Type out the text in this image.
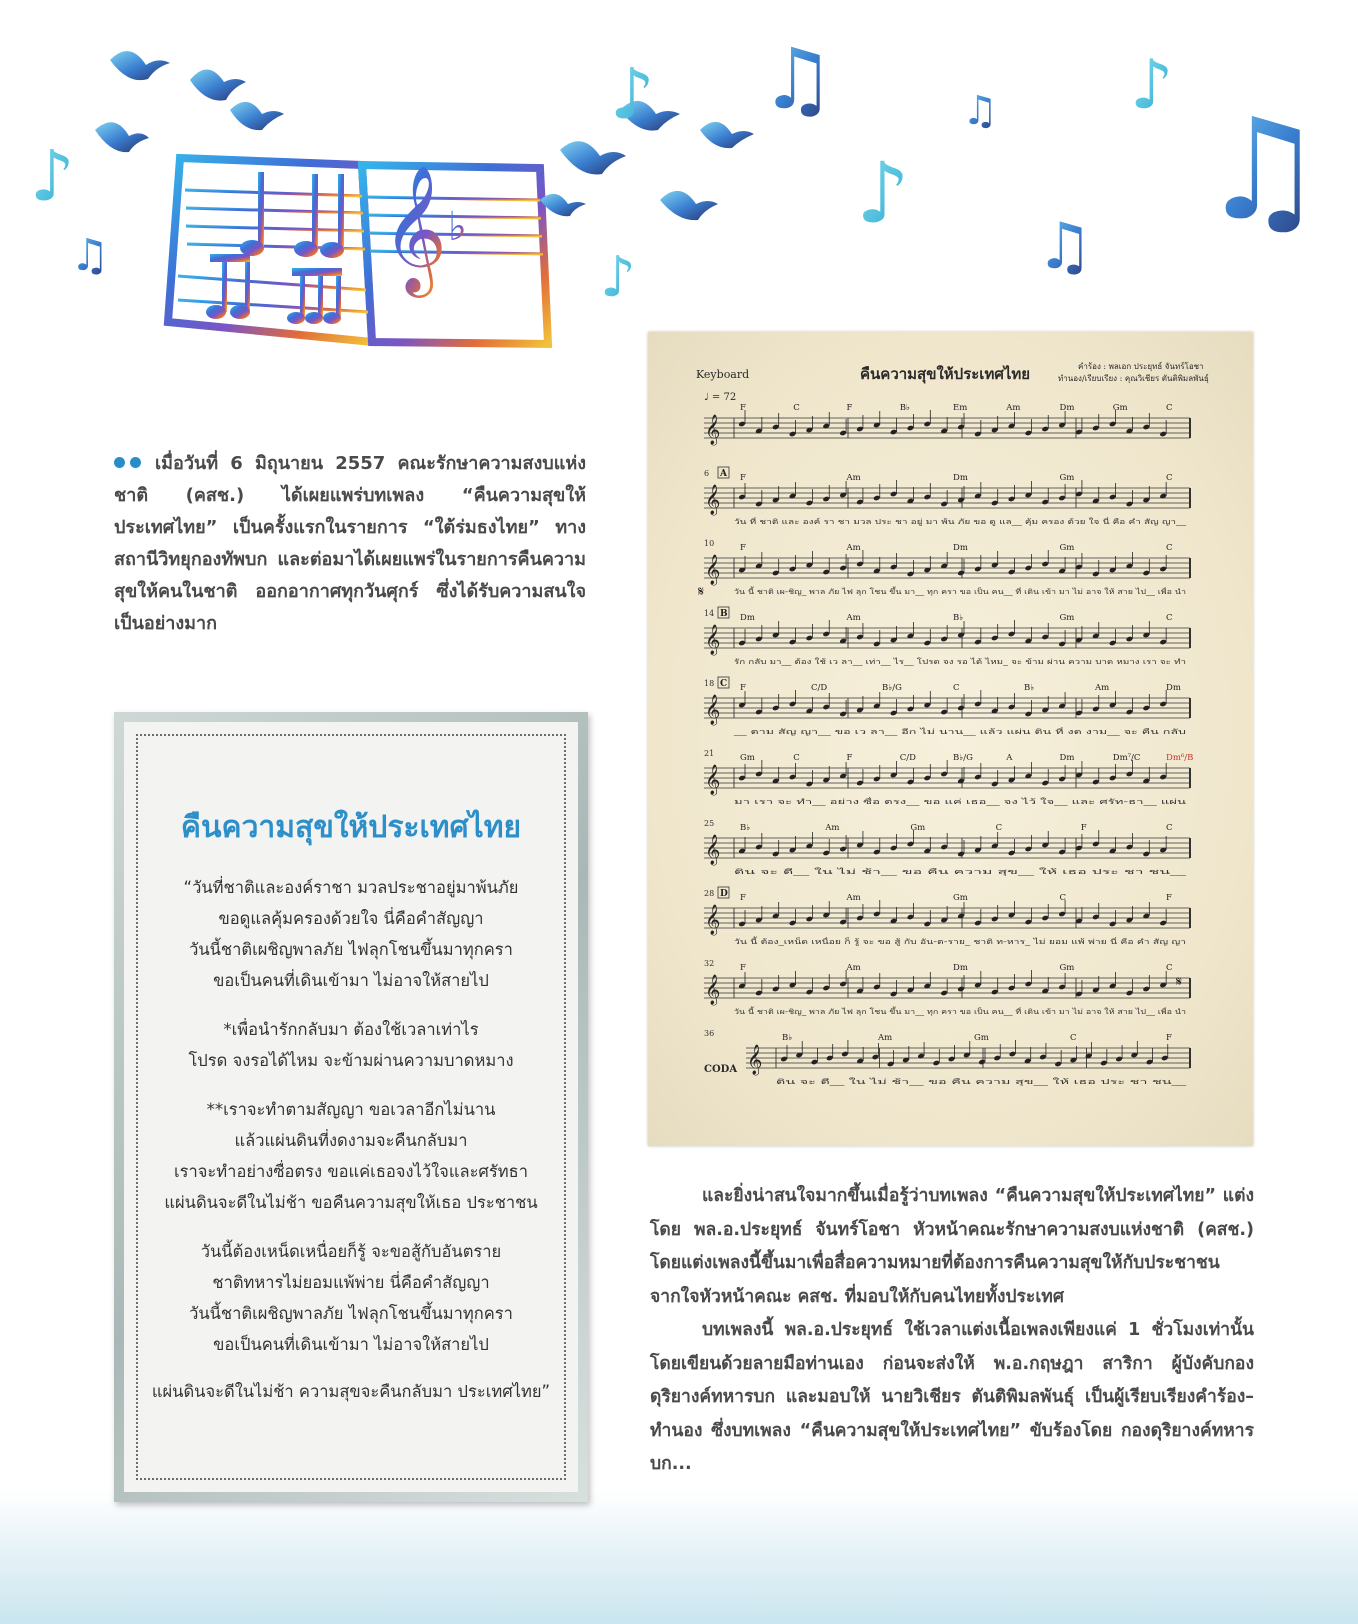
𝄞 ♭
♪
♫
♪ ♫	♫
♪
♫
♪
♪
♫

เมื่อวันที่ 6 มิถุนายน 2557 คณะรักษาความสงบแห่งชาติ (คสช.) ได้เผยแพร่บทเพลง “คืนความสุขให้ประเทศไทย” เป็นครั้งแรกในรายการ “ใต้ร่มธงไทย” ทางสถานีวิทยุกองทัพบก และต่อมาได้เผยแพร่ในรายการคืนความสุขให้คนในชาติ ออกอากาศทุกวันศุกร์ ซึ่งได้รับความสนใจเป็นอย่างมาก

คืนความสุขให้ประเทศไทย
“วันที่ชาติและองค์ราชา มวลประชาอยู่มาพ้นภัย
ขอดูแลคุ้มครองด้วยใจ นี่คือคำสัญญา
วันนี้ชาติเผชิญพาลภัย ไฟลุกโชนขึ้นมาทุกครา
ขอเป็นคนที่เดินเข้ามา ไม่อาจให้สายไป
*เพื่อนำรักกลับมา ต้องใช้เวลาเท่าไร
โปรด จงรอได้ไหม จะข้ามผ่านความบาดหมาง
**เราจะทำตามสัญญา ขอเวลาอีกไม่นาน
แล้วแผ่นดินที่งดงามจะคืนกลับมา
เราจะทำอย่างซื่อตรง ขอแค่เธอจงไว้ใจและศรัทธา
แผ่นดินจะดีในไม่ช้า ขอคืนความสุขให้เธอ ประชาชน
วันนี้ต้องเหน็ดเหนื่อยก็รู้ จะขอสู้กับอันตราย
ชาติทหารไม่ยอมแพ้พ่าย นี่คือคำสัญญา
วันนี้ชาติเผชิญพาลภัย ไฟลุกโชนขึ้นมาทุกครา
ขอเป็นคนที่เดินเข้ามา ไม่อาจให้สายไป
แผ่นดินจะดีในไม่ช้า ความสุขจะคืนกลับมา ประเทศไทย”
Keyboard	คืนความสุขให้ประเทศไทย	คำร้อง : พลเอก ประยุทธ์ จันทร์โอชา
ทำนอง/เรียบเรียง : คุณวิเชียร ตันติพิมลพันธุ์
♩ = 72
CODA
𝄞
F	C	F	B♭	Em	Am	Dm	Gm	C
𝄞
6 A F	Am	Dm	Gm	C
วัน ที่ ชาติ และ องค์ รา ชา มวล ประ ชา อยู่ มา พ้น ภัย ขอ ดู แล__ คุ้ม ครอง ด้วย ใจ นี่ คือ คำ สัญ ญา__
𝄞
10	F	Am	Dm	Gm	C
วัน นี้ ชาติ เผ-ชิญ_ พาล ภัย ไฟ ลุก โชน ขึ้น มา__ ทุก ครา ขอ เป็น คน__ ที่ เดิน เข้า มา ไม่ อาจ ให้ สาย ไป__ เพื่อ นำ
𝄞
14 B Dm	Am	B♭	Gm	C
รัก กลับ มา__ ต้อง ใช้ เว ลา__ เท่า__ ไร__ โปรด จง รอ ได้ ไหม_ จะ ข้าม ผ่าน ความ บาด หมาง เรา จะ ทำ
𝄞
18 C F	C/D	B♭/G	C	B♭	Am	Dm
__ ตาม สัญ ญา__ ขอ เว ลา__ อีก ไม่ นาน__ แล้ว แผ่น ดิน ที่ งด งาม__ จะ คืน กลับ
𝄞
21	Gm	C	F	C/D	B♭/G	A	Dm	Dm⁷/C	Dm⁶/B
มา เรา จะ ทำ__ อย่าง ซื่อ ตรง__ ขอ แค่ เธอ__ จง ไว้ ใจ__ และ ศรัท-ธา__ แผ่น
𝄞
25	B♭	Am	Gm	C	F	C
ดิน จะ ดี__ ใน ไม่ ช้า__ ขอ คืน ความ สุข__ ให้ เธอ ประ ชา ชน__
𝄞
28 D F	Am	Gm	C	F
วัน นี้ ต้อง_เหน็ด เหนื่อย ก็ รู้ จะ ขอ สู้ กับ อัน-ต-ราย_ ชาติ ท-หาร_ ไม่ ยอม แพ้ พ่าย นี่ คือ คำ สัญ ญา
𝄞
32	F	Am	Dm	Gm	C
วัน นี้ ชาติ เผ-ชิญ_ พาล ภัย ไฟ ลุก โชน ขึ้น มา__ ทุก ครา ขอ เป็น คน__ ที่ เดิน เข้า มา ไม่ อาจ ให้ สาย ไป__ เพื่อ นำ
𝄞
36	B♭	Am	Gm	C	F
ดิน จะ ดี__ ใน ไม่ ช้า__ ขอ คืน ความ สุข__ ให้ เธอ ประ ชา ชน__
𝄋
𝄋

และยิ่งน่าสนใจมากขึ้นเมื่อรู้ว่าบทเพลง “คืนความสุขให้ประเทศไทย” แต่งโดย พล.อ.ประยุทธ์ จันทร์โอชา หัวหน้าคณะรักษาความสงบแห่งชาติ (คสช.) โดยแต่งเพลงนี้ขึ้นมาเพื่อสื่อความหมายที่ต้องการคืนความสุขให้กับประชาชน จากใจหัวหน้าคณะ คสช. ที่มอบให้กับคนไทยทั้งประเทศ

บทเพลงนี้ พล.อ.ประยุทธ์ ใช้เวลาแต่งเนื้อเพลงเพียงแค่ 1 ชั่วโมงเท่านั้น โดยเขียนด้วยลายมือท่านเอง ก่อนจะส่งให้ พ.อ.กฤษฎา สาริกา ผู้บังคับกองดุริยางค์ทหารบก และมอบให้ นายวิเชียร ตันติพิมลพันธุ์ เป็นผู้เรียบเรียงคำร้อง–ทำนอง ซึ่งบทเพลง “คืนความสุขให้ประเทศไทย” ขับร้องโดย กองดุริยางค์ทหารบก...
